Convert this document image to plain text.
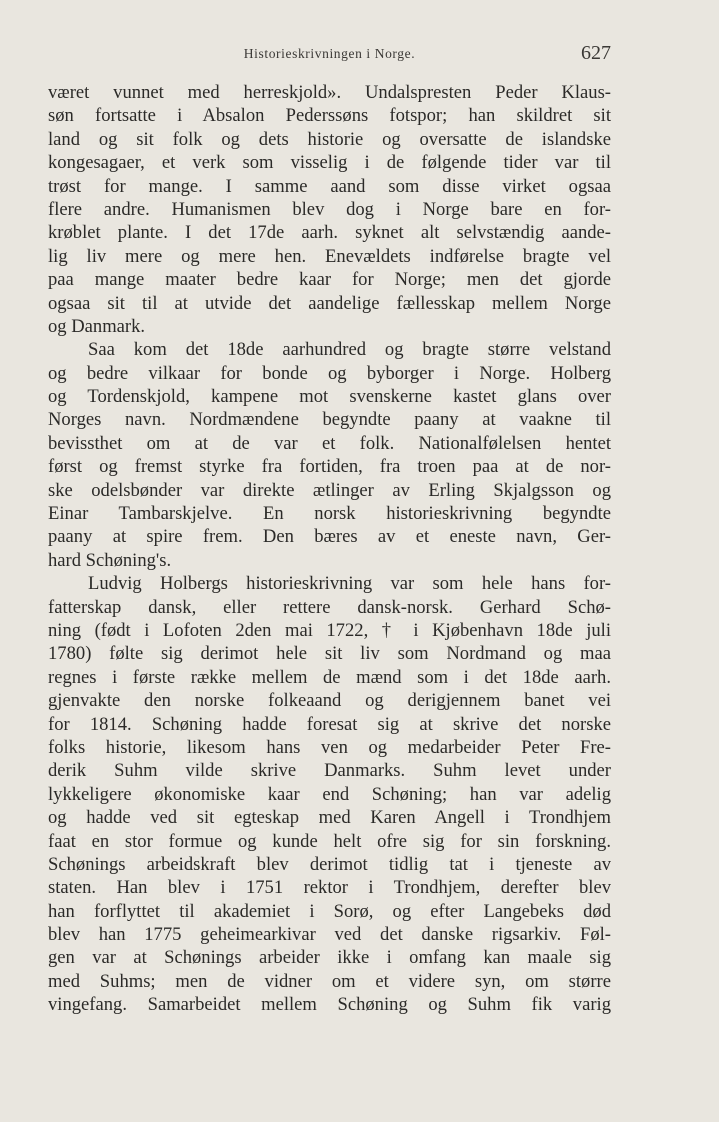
Historieskrivningen i Norge.	627
været vunnet med herreskjold». Undalspresten Peder Klaus-
søn fortsatte i Absalon Pederssøns fotspor; han skildret sit
land og sit folk og dets historie og oversatte de islandske
kongesagaer, et verk som visselig i de følgende tider var til
trøst for mange. I samme aand som disse virket ogsaa
flere andre. Humanismen blev dog i Norge bare en for-
krøblet plante. I det 17de aarh. syknet alt selvstændig aande-
lig liv mere og mere hen. Enevældets indførelse bragte vel
paa mange maater bedre kaar for Norge; men det gjorde
ogsaa sit til at utvide det aandelige fællesskap mellem Norge
og Danmark.
Saa kom det 18de aarhundred og bragte større velstand
og bedre vilkaar for bonde og byborger i Norge. Holberg
og Tordenskjold, kampene mot svenskerne kastet glans over
Norges navn. Nordmændene begyndte paany at vaakne til
bevissthet om at de var et folk. Nationalfølelsen hentet
først og fremst styrke fra fortiden, fra troen paa at de nor-
ske odelsbønder var direkte ætlinger av Erling Skjalgsson og
Einar Tambarskjelve. En norsk historieskrivning begyndte
paany at spire frem. Den bæres av et eneste navn, Ger-
hard Schøning's.
Ludvig Holbergs historieskrivning var som hele hans for-
fatterskap dansk, eller rettere dansk-norsk. Gerhard Schø-
ning (født i Lofoten 2den mai 1722, † i Kjøbenhavn 18de juli
1780) følte sig derimot hele sit liv som Nordmand og maa
regnes i første række mellem de mænd som i det 18de aarh.
gjenvakte den norske folkeaand og derigjennem banet vei
for 1814. Schøning hadde foresat sig at skrive det norske
folks historie, likesom hans ven og medarbeider Peter Fre-
derik Suhm vilde skrive Danmarks. Suhm levet under
lykkeligere økonomiske kaar end Schøning; han var adelig
og hadde ved sit egteskap med Karen Angell i Trondhjem
faat en stor formue og kunde helt ofre sig for sin forskning.
Schønings arbeidskraft blev derimot tidlig tat i tjeneste av
staten. Han blev i 1751 rektor i Trondhjem, derefter blev
han forflyttet til akademiet i Sorø, og efter Langebeks død
blev han 1775 geheimearkivar ved det danske rigsarkiv. Føl-
gen var at Schønings arbeider ikke i omfang kan maale sig
med Suhms; men de vidner om et videre syn, om større
vingefang. Samarbeidet mellem Schøning og Suhm fik varig
